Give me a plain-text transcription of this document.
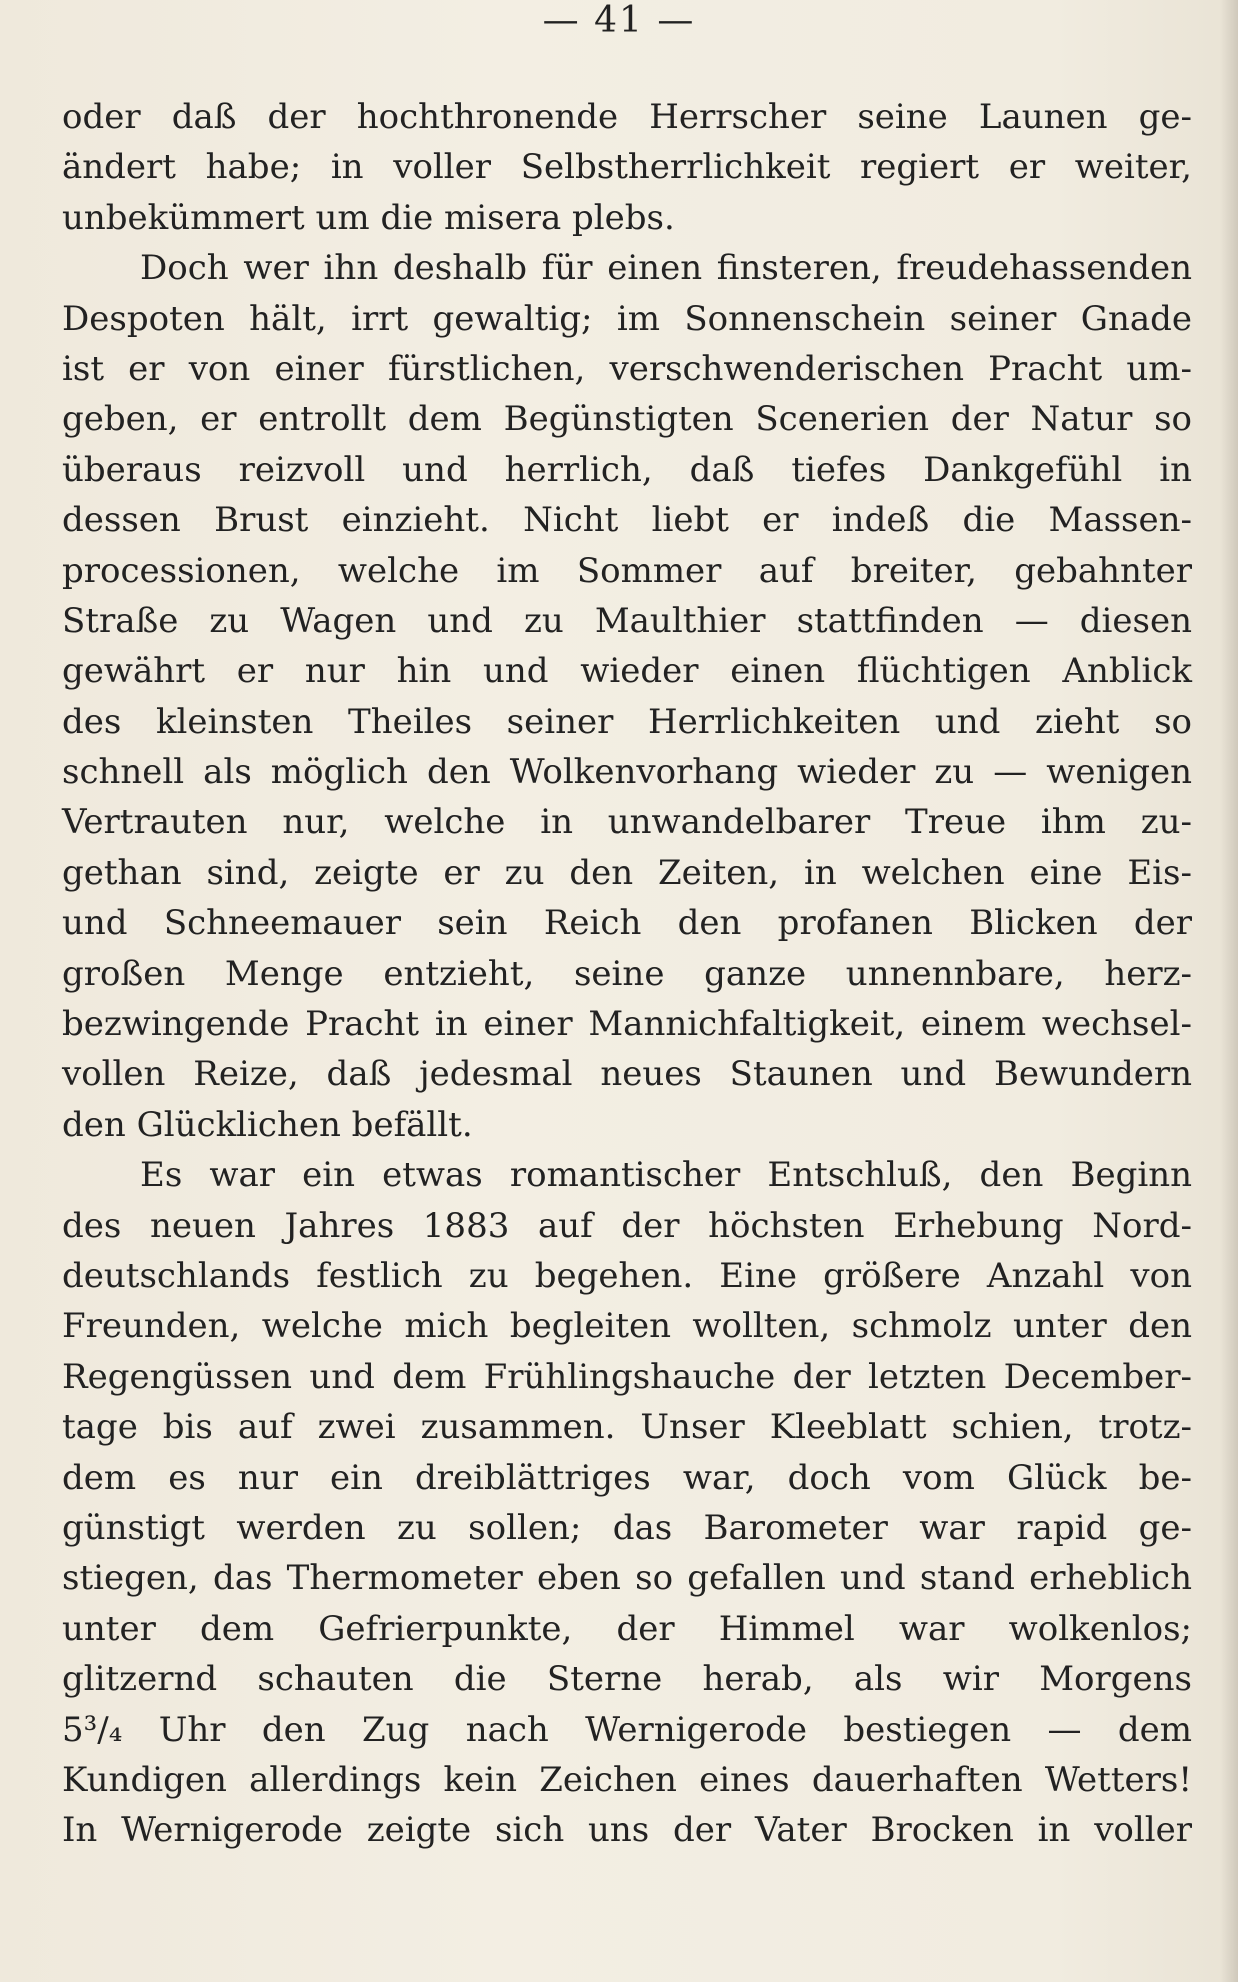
— 41 —
oder daß der hochthronende Herrscher seine Launen ge-
ändert habe; in voller Selbstherrlichkeit regiert er weiter,
unbekümmert um die misera plebs.
Doch wer ihn deshalb für einen finsteren, freudehassenden
Despoten hält, irrt gewaltig; im Sonnenschein seiner Gnade
ist er von einer fürstlichen, verschwenderischen Pracht um-
geben, er entrollt dem Begünstigten Scenerien der Natur so
überaus reizvoll und herrlich, daß tiefes Dankgefühl in
dessen Brust einzieht. Nicht liebt er indeß die Massen-
processionen, welche im Sommer auf breiter, gebahnter
Straße zu Wagen und zu Maulthier stattfinden — diesen
gewährt er nur hin und wieder einen flüchtigen Anblick
des kleinsten Theiles seiner Herrlichkeiten und zieht so
schnell als möglich den Wolkenvorhang wieder zu — wenigen
Vertrauten nur, welche in unwandelbarer Treue ihm zu-
gethan sind, zeigte er zu den Zeiten, in welchen eine Eis-
und Schneemauer sein Reich den profanen Blicken der
großen Menge entzieht, seine ganze unnennbare, herz-
bezwingende Pracht in einer Mannichfaltigkeit, einem wechsel-
vollen Reize, daß jedesmal neues Staunen und Bewundern
den Glücklichen befällt.
Es war ein etwas romantischer Entschluß, den Beginn
des neuen Jahres 1883 auf der höchsten Erhebung Nord-
deutschlands festlich zu begehen. Eine größere Anzahl von
Freunden, welche mich begleiten wollten, schmolz unter den
Regengüssen und dem Frühlingshauche der letzten December-
tage bis auf zwei zusammen. Unser Kleeblatt schien, trotz-
dem es nur ein dreiblättriges war, doch vom Glück be-
günstigt werden zu sollen; das Barometer war rapid ge-
stiegen, das Thermometer eben so gefallen und stand erheblich
unter dem Gefrierpunkte, der Himmel war wolkenlos;
glitzernd schauten die Sterne herab, als wir Morgens
5³/₄ Uhr den Zug nach Wernigerode bestiegen — dem
Kundigen allerdings kein Zeichen eines dauerhaften Wetters!
In Wernigerode zeigte sich uns der Vater Brocken in voller
